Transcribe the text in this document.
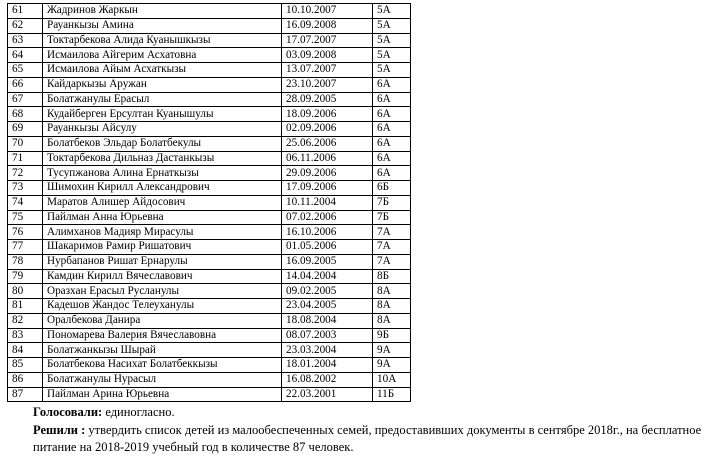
61	Жадринов Жаркын	10.10.2007	5А
62	Рауанкызы Амина	16.09.2008	5А
63	Токтарбекова Алида Куанышкызы	17.07.2007	5А
64	Исмаилова Айгерим Асхатовна	03.09.2008	5А
65	Исмаилова Айым Асхаткызы	13.07.2007	5А
66	Кайдаркызы Аружан	23.10.2007	6А
67	Болатжанулы Ерасыл	28.09.2005	6А
68	Кудайберген Ерсултан Куанышулы	18.09.2006	6А
69	Рауанкызы Айсулу	02.09.2006	6А
70	Болатбеков Эльдар Болатбекулы	25.06.2006	6А
71	Токтарбекова Дильназ Дастанкызы	06.11.2006	6А
72	Тусупжанова Алина Ернаткызы	29.09.2006	6А
73	Шимохин Кирилл Александрович	17.09.2006	6Б
74	Маратов Алишер Айдосович	10.11.2004	7Б
75	Пайлман Анна Юрьевна	07.02.2006	7Б
76	Алимханов Мадияр Мирасулы	16.10.2006	7А
77	Шакаримов Рамир Ришатович	01.05.2006	7А
78	Нурбапанов Ришат Ернарулы	16.09.2005	7А
79	Камдин Кирилл Вячеславович	14.04.2004	8Б
80	Оразхан Ерасыл Русланулы	09.02.2005	8А
81	Кадешов Жандос Телеуханулы	23.04.2005	8А
82	Оралбекова Данира	18.08.2004	8А
83	Пономарева Валерия Вячеславовна	08.07.2003	9Б
84	Болатжанкызы Шырай	23.03.2004	9А
85	Болатбекова Насихат Болатбеккызы	18.01.2004	9А
86	Болатжанулы Нурасыл	16.08.2002	10А
87	Пайлман Арина Юрьевна	22.03.2001	11Б

Голосовали: единогласно.

Решили : утвердить список детей из малообеспеченных семей, предоставивших документы в сентябре 2018г., на бесплатное питание на 2018-2019 учебный год в количестве 87 человек.
